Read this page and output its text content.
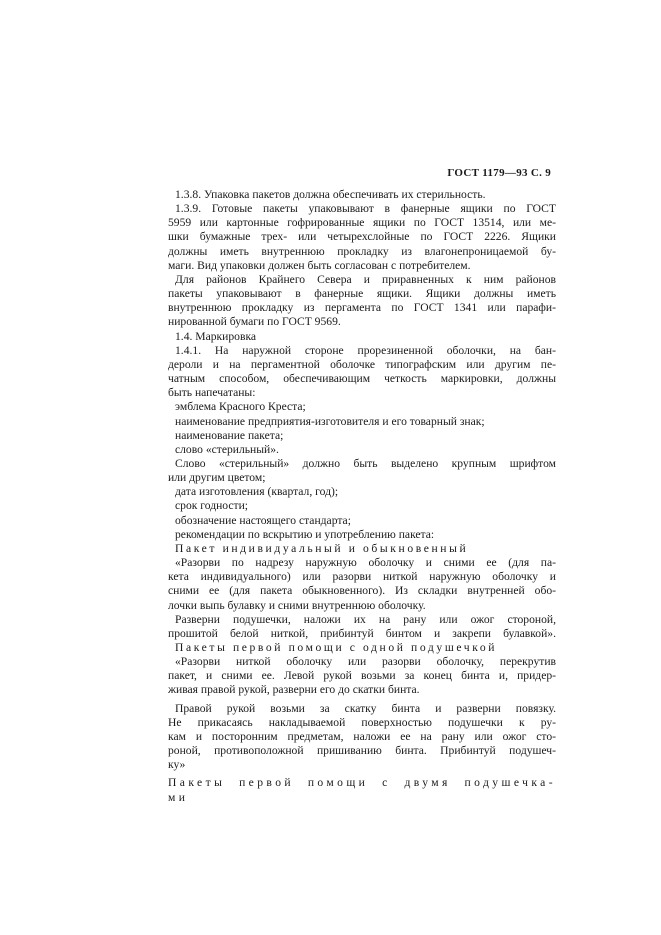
ГОСТ 1179—93 С. 9
1.3.8. Упаковка пакетов должна обеспечивать их стерильность.
1.3.9. Готовые пакеты упаковывают в фанерные ящики по ГОСТ
5959 или картонные гофрированные ящики по ГОСТ 13514, или ме-
шки бумажные трех- или четырехслойные по ГОСТ 2226. Ящики
должны иметь внутреннюю прокладку из влагонепроницаемой бу-
маги. Вид упаковки должен быть согласован с потребителем.
Для районов Крайнего Севера и приравненных к ним районов
пакеты упаковывают в фанерные ящики. Ящики должны иметь
внутреннюю прокладку из пергамента по ГОСТ 1341 или парафи-
нированной бумаги по ГОСТ 9569.
1.4. Маркировка
1.4.1. На наружной стороне прорезиненной оболочки, на бан-
дероли и на пергаментной оболочке типографским или другим пе-
чатным способом, обеспечивающим четкость маркировки, должны
быть напечатаны:
эмблема Красного Креста;
наименование предприятия-изготовителя и его товарный знак;
наименование пакета;
слово «стерильный».
Слово «стерильный» должно быть выделено крупным шрифтом
или другим цветом;
дата изготовления (квартал, год);
срок годности;
обозначение настоящего стандарта;
рекомендации по вскрытию и употреблению пакета:
Пакет индивидуальный и обыкновенный
«Разорви по надрезу наружную оболочку и сними ее (для па-
кета индивидуального) или разорви ниткой наружную оболочку и
сними ее (для пакета обыкновенного). Из складки внутренней обо-
лочки выпь булавку и сними внутреннюю оболочку.
Разверни подушечки, наложи их на рану или ожог стороной,
прошитой белой ниткой, прибинтуй бинтом и закрепи булавкой».
Пакеты первой помощи с одной подушечкой
«Разорви ниткой оболочку или разорви оболочку, перекрутив
пакет, и сними ее. Левой рукой возьми за конец бинта и, придер-
живая правой рукой, разверни его до скатки бинта.
Правой рукой возьми за скатку бинта и разверни повязку.
Не прикасаясь накладываемой поверхностью подушечки к ру-
кам и посторонним предметам, наложи ее на рану или ожог сто-
роной, противоположной пришиванию бинта. Прибинтуй подушеч-
ку»
Пакеты первой помощи с двумя подушечка-
ми
